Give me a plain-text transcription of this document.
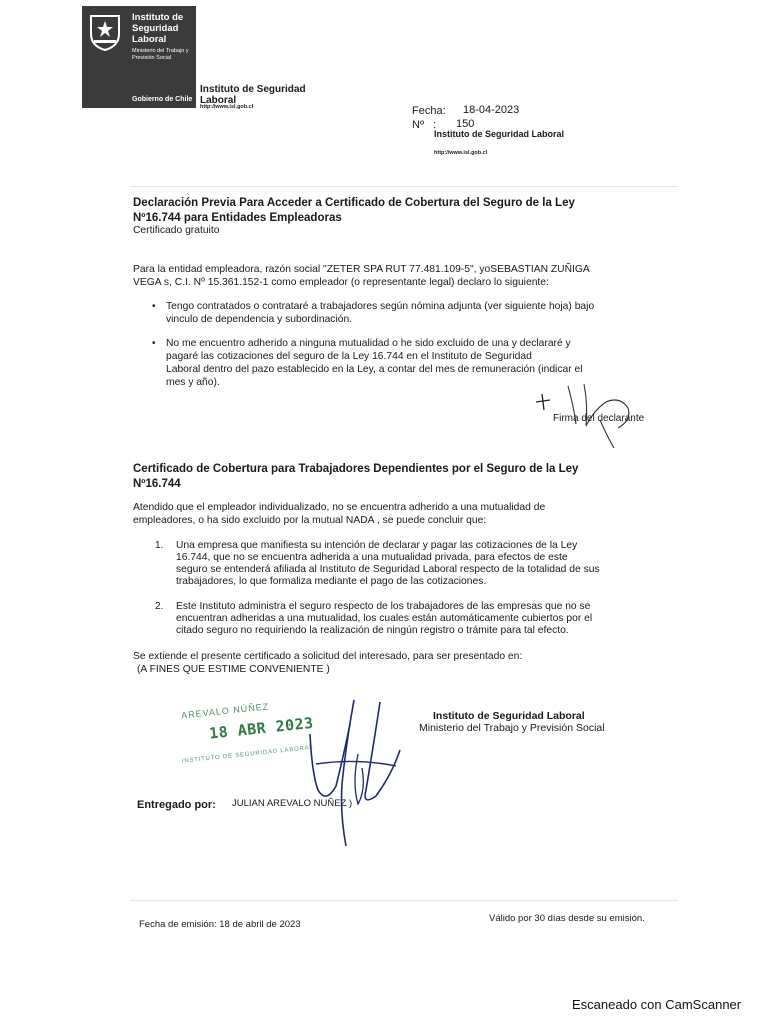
Instituto de Seguridad Laboral
Ministerio del Trabajo y Previsión Social
Gobierno de Chile
Instituto de Seguridad Laboral
http://www.isl.gob.cl	Fecha: 18-04-2023
Nº   : 150
Instituto de Seguridad Laboral
http://www.isl.gob.cl
Declaración Previa Para Acceder a Certificado de Cobertura del Seguro de la Ley
Nº16.744 para Entidades Empleadoras
Certificado gratuito
Para la entidad empleadora, razón social "ZETER SPA RUT 77.481.109-5", yoSEBASTIAN ZUÑIGA
VEGA s, C.I. Nº 15.361.152-1 como empleador (o representante legal) declaro lo siguiente:
• Tengo contratados o contrataré a trabajadores según nómina adjunta (ver siguiente hoja) bajo
vinculo de dependencia y subordinación.
• No me encuentro adherido a ninguna mutualidad o he sido excluido de una y declararé y
pagaré las cotizaciones del seguro de la Ley 16.744 en el Instituto de Seguridad
Laboral dentro del pazo establecido en la Ley, a contar del mes de remuneración (indicar el
mes y año).
Firma del declarante
Certificado de Cobertura para Trabajadores Dependientes por el Seguro de la Ley
Nº16.744
Atendido que el empleador individualizado, no se encuentra adherido a una mutualidad de
empleadores, o ha sido excluido por la mutual NADA , se puede concluir que:
1. Una empresa que manifiesta su intención de declarar y pagar las cotizaciones de la Ley
16.744, que no se encuentra adherida a una mutualidad privada, para efectos de este
seguro se entenderá afiliada al Instituto de Seguridad Laboral respecto de la totalidad de sus
trabajadores, lo que formaliza mediante el pago de las cotizaciones.
2. Este Instituto administra el seguro respecto de los trabajadores de las empresas que no se
encuentran adheridas a una mutualidad, los cuales están automáticamente cubiertos por el
citado seguro no requiriendo la realización de ningún registro o trámite para tal efecto.
Se extiende el presente certificado a solicitud del interesado, para ser presentado en:
(A FINES QUE ESTIME CONVENIENTE )
AREVALO NÚÑEZ
18 ABR 2023
INSTITUTO DE SEGURIDAD LABORAL
Instituto de Seguridad Laboral
Ministerio del Trabajo y Previsión Social
Entregado por: JULIAN AREVALO NUÑEZ )
Fecha de emisión: 18 de abril de 2023
Válido por 30 días desde su emisión.
Escaneado con CamScanner
